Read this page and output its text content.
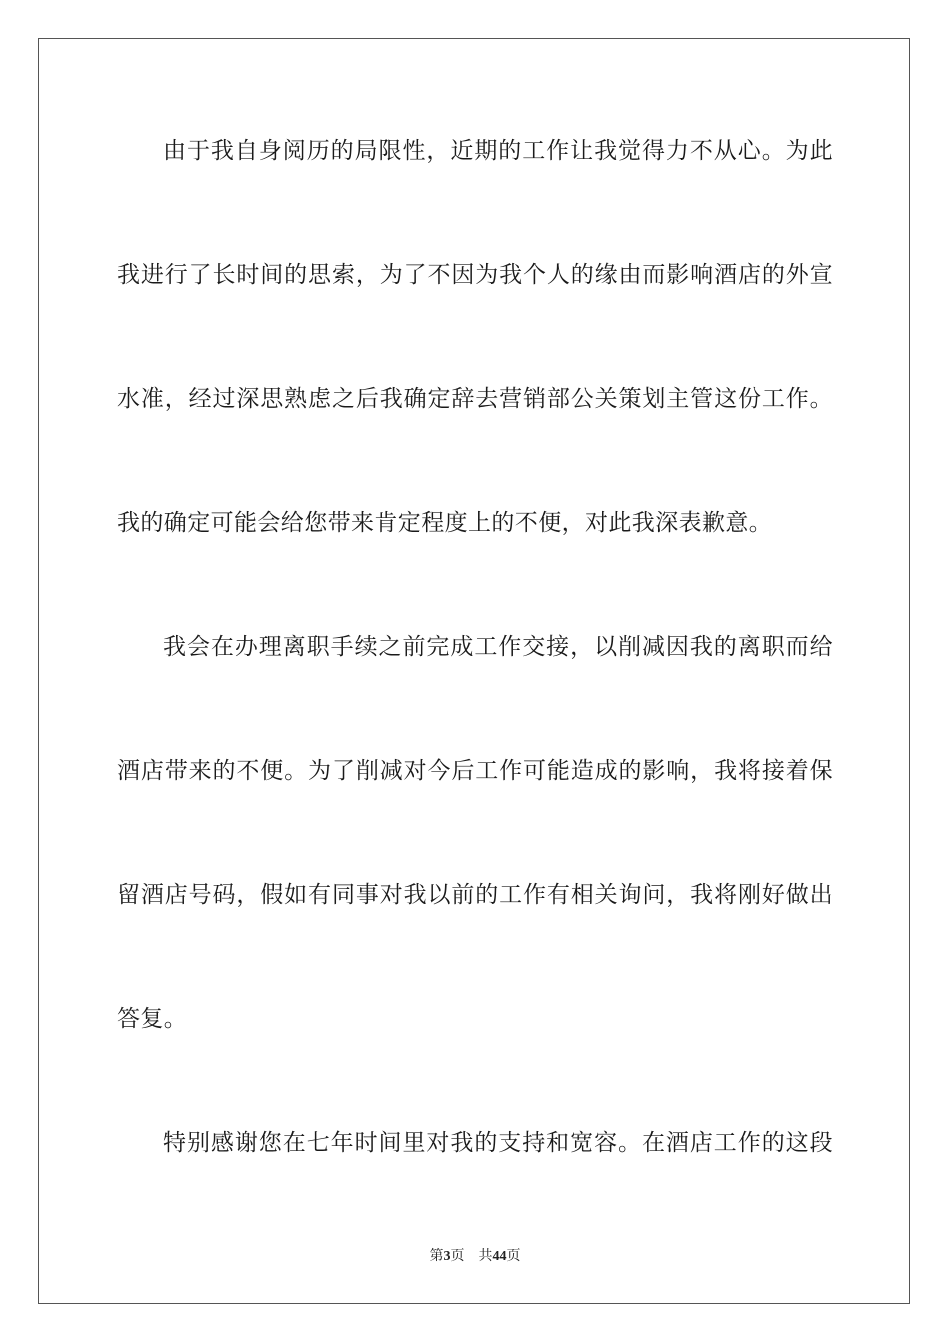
由于我自身阅历的局限性，近期的工作让我觉得力不从心。为此
我进行了长时间的思索，为了不因为我个人的缘由而影响酒店的外宣
水准，经过深思熟虑之后我确定辞去营销部公关策划主管这份工作。
我的确定可能会给您带来肯定程度上的不便，对此我深表歉意。
我会在办理离职手续之前完成工作交接，以削减因我的离职而给
酒店带来的不便。为了削减对今后工作可能造成的影响，我将接着保
留酒店号码，假如有同事对我以前的工作有相关询问，我将刚好做出
答复。
特别感谢您在七年时间里对我的支持和宽容。在酒店工作的这段
第3页 共44页
